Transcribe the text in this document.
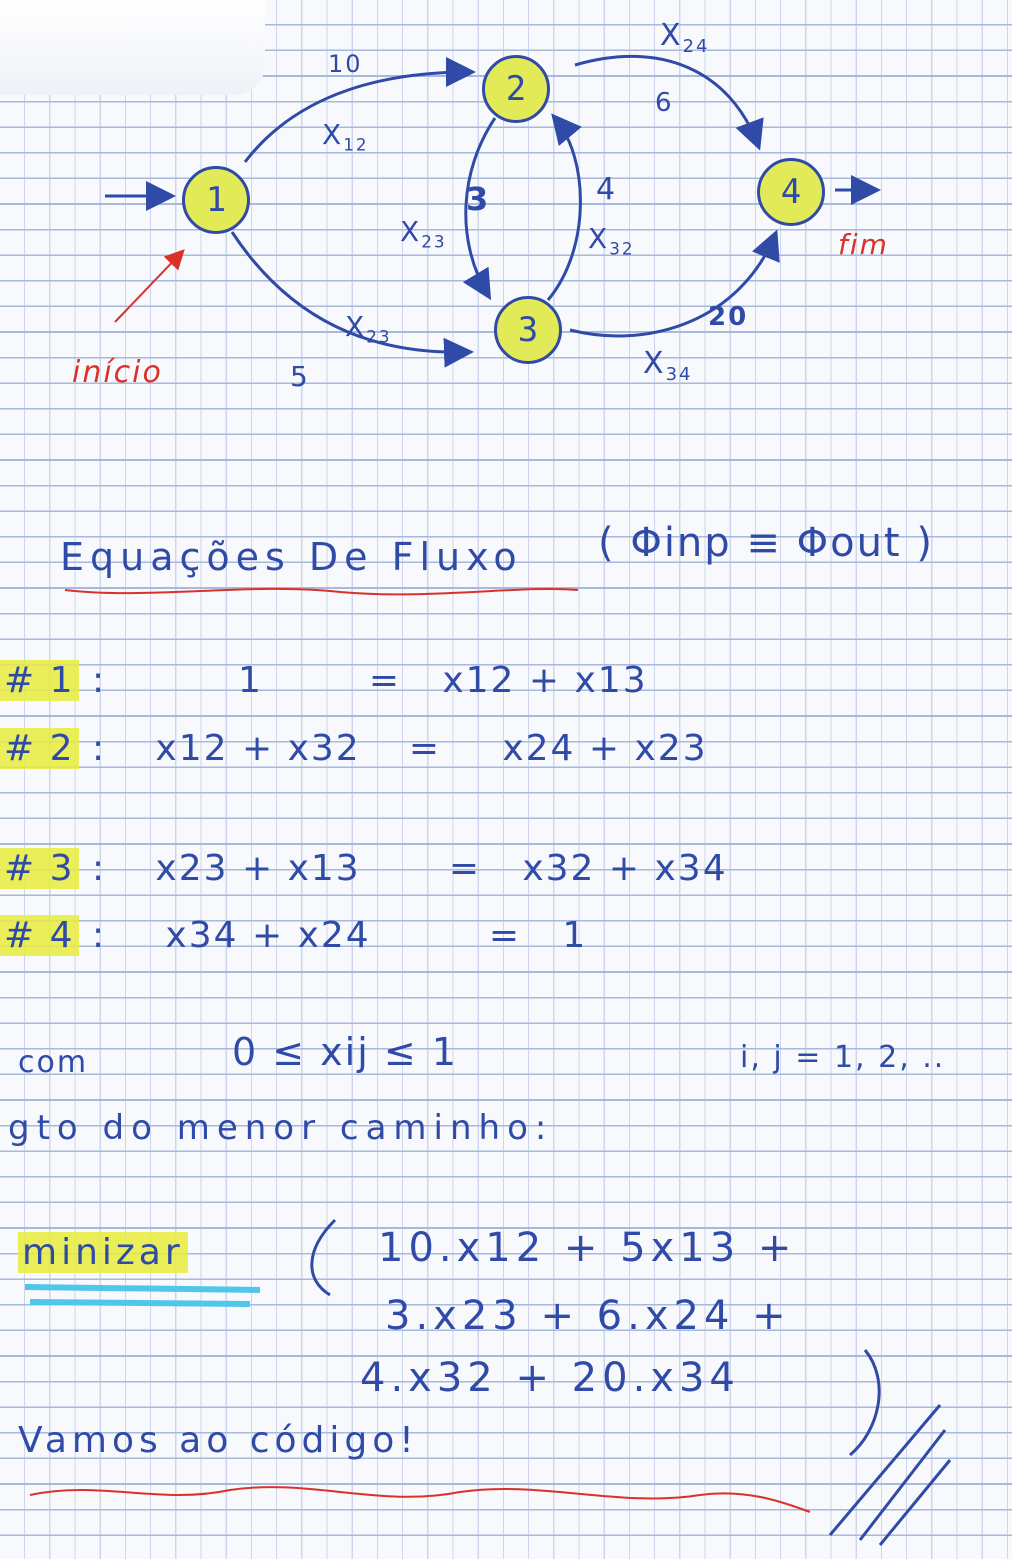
1
2
3
4
10
$X_{12}$
5
$X_{23}$
3
$X_{23}$
4
$X_{32}$
6
$X_{24}$
20
$X_{34}$
início
fim
Equações De Fluxo ( Φinp ≡ Φout )
# 1 :	1	= x12 + x13
# 2 : x12 + x32 = x24 + x23
# 3 : x23 + x13 = x32 + x34
# 4 : x34 + x24	= 1
com	0 ≤ xij ≤ 1	i, j = 1, 2, ..
gto do menor caminho:
minizar	10.x12 + 5x13 +
3.x23 + 6.x24 +
4.x32 + 20.x34
Vamos ao código!
